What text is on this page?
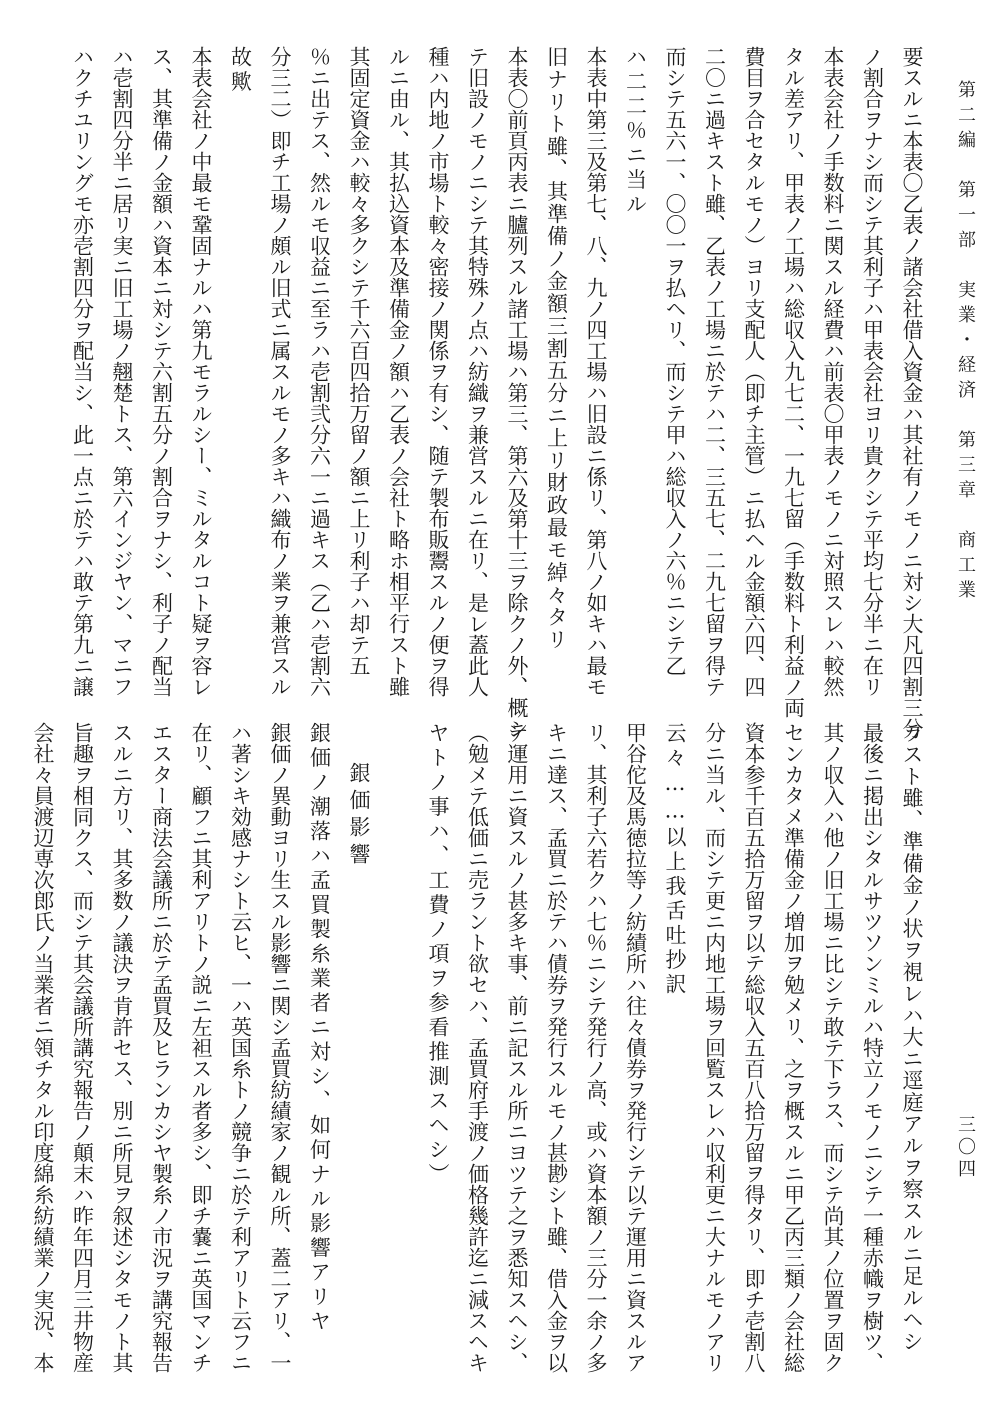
第二編　第一部　実業・経済　第三章　商工業
三〇四
要スルニ本表〇乙表ノ諸会社借入資金ハ其社有ノモノニ対シ大凡四割三分
ノ割合ヲナシ而シテ其利子ハ甲表会社ヨリ貴クシテ平均七分半ニ在リ
本表会社ノ手数料ニ関スル経費ハ前表〇甲表ノモノニ対照スレハ較然
タル差アリ、甲表ノ工場ハ総収入九七二、一九七留（手数料ト利益ノ両
費目ヲ合セタルモノ）ヨリ支配人（即チ主管）ニ払ヘル金額六四、四
二〇ニ過キスト雖、乙表ノ工場ニ於テハ二、三五七、二九七留ヲ得テ
而シテ五六一、〇〇一ヲ払ヘリ、而シテ甲ハ総収入ノ六％ニシテ乙
ハ二二％ニ当ル
本表中第三及第七、八、九ノ四工場ハ旧設ニ係リ、第八ノ如キハ最モ
旧ナリト雖、其準備ノ金額三割五分ニ上リ財政最モ綽々タリ
本表〇前頁丙表ニ臚列スル諸工場ハ第三、第六及第十三ヲ除クノ外、概シ
テ旧設ノモノニシテ其特殊ノ点ハ紡織ヲ兼営スルニ在リ、是レ蓋此人
種ハ内地ノ市場ト較々密接ノ関係ヲ有シ、随テ製布販鬻スルノ便ヲ得
ルニ由ル、其払込資本及準備金ノ額ハ乙表ノ会社ト略ホ相平行スト雖
其固定資金ハ較々多クシテ千六百四拾万留ノ額ニ上リ利子ハ却テ五
％ニ出テス、然ルモ収益ニ至ラハ壱割弐分六一ニ過キス（乙ハ壱割六
分三二）即チ工場ノ頗ル旧式ニ属スルモノ多キハ織布ノ業ヲ兼営スル
故歟
本表会社ノ中最モ鞏固ナルハ第九モラルシー、ミルタルコト疑ヲ容レ
ス、其準備ノ金額ハ資本ニ対シテ六割五分ノ割合ヲナシ、利子ノ配当
ハ壱割四分半ニ居リ実ニ旧工場ノ翹楚トス、第六インジヤン、マニフ
ハクチユリングモ亦壱割四分ヲ配当シ、此一点ニ於テハ敢テ第九ニ譲
ラスト雖、準備金ノ状ヲ視レハ大ニ逕庭アルヲ察スルニ足ルヘシ
最後ニ掲出シタルサツソンミルハ特立ノモノニシテ一種赤幟ヲ樹ツ、
其ノ収入ハ他ノ旧工場ニ比シテ敢テ下ラス、而シテ尚其ノ位置ヲ固ク
センカタメ準備金ノ増加ヲ勉メリ、之ヲ概スルニ甲乙丙三類ノ会社総
資本参千百五拾万留ヲ以テ総収入五百八拾万留ヲ得タリ、即チ壱割八
分ニ当ル、而シテ更ニ内地工場ヲ回覧スレハ収利更ニ大ナルモノアリ
云々……以上我舌吐抄訳
甲谷佗及馬徳拉等ノ紡績所ハ往々債券ヲ発行シテ以テ運用ニ資スルア
リ、其利子六若クハ七％ニシテ発行ノ高、或ハ資本額ノ三分一余ノ多
キニ達ス、孟買ニ於テハ債券ヲ発行スルモノ甚尠シト雖、借入金ヲ以
テ運用ニ資スルノ甚多キ事、前ニ記スル所ニヨツテ之ヲ悉知スヘシ、
（勉メテ低価ニ売ラント欲セハ、孟買府手渡ノ価格幾許迄ニ減スヘキ
ヤトノ事ハ、工費ノ項ヲ参看推測スヘシ）
銀価影響
銀価ノ潮落ハ孟買製糸業者ニ対シ、如何ナル影響アリヤ
銀価ノ異動ヨリ生スル影響ニ関シ孟買紡績家ノ観ル所、蓋二アリ、一
ハ著シキ効感ナシト云ヒ、一ハ英国糸トノ競争ニ於テ利アリト云フニ
在リ、顧フニ其利アリトノ説ニ左袒スル者多シ、即チ嚢ニ英国マンチ
エスター商法会議所ニ於テ孟買及ヒランカシヤ製糸ノ市況ヲ講究報告
スルニ方リ、其多数ノ議決ヲ肯許セス、別ニ所見ヲ叙述シタモノト其
旨趣ヲ相同クス、而シテ其会議所講究報告ノ顛末ハ昨年四月三井物産
会社々員渡辺専次郎氏ノ当業者ニ領チタル印度綿糸紡績業ノ実況、本
